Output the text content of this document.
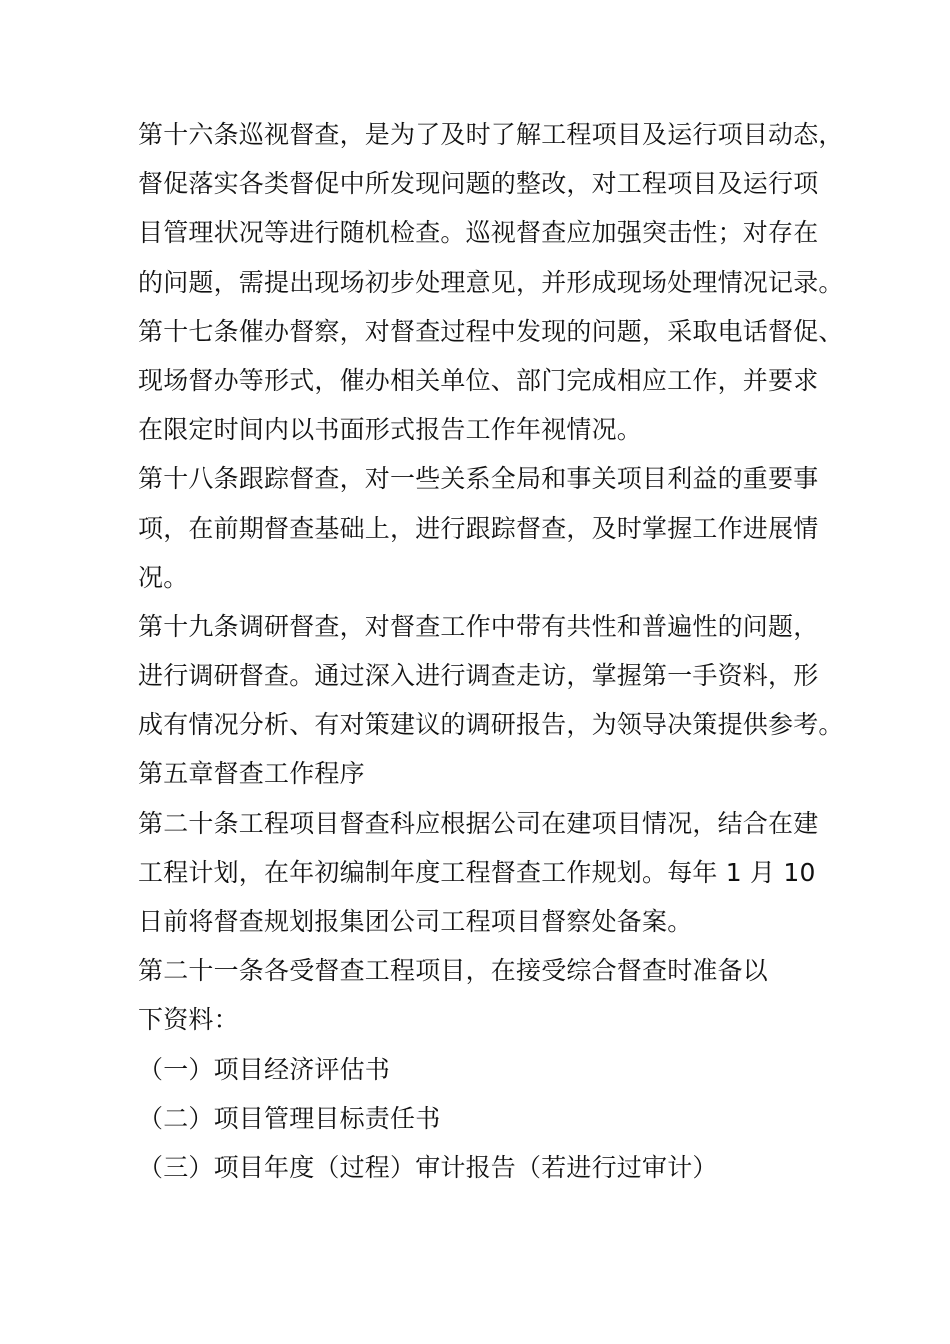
第十六条巡视督查，是为了及时了解工程项目及运行项目动态，
督促落实各类督促中所发现问题的整改，对工程项目及运行项
目管理状况等进行随机检查。巡视督查应加强突击性；对存在
的问题，需提出现场初步处理意见，并形成现场处理情况记录。
第十七条催办督察，对督查过程中发现的问题，采取电话督促、
现场督办等形式，催办相关单位、部门完成相应工作，并要求
在限定时间内以书面形式报告工作年视情况。
第十八条跟踪督查，对一些关系全局和事关项目利益的重要事
项，在前期督查基础上，进行跟踪督查，及时掌握工作进展情
况。
第十九条调研督查，对督查工作中带有共性和普遍性的问题，
进行调研督查。通过深入进行调查走访，掌握第一手资料，形
成有情况分析、有对策建议的调研报告，为领导决策提供参考。
第五章督查工作程序
第二十条工程项目督查科应根据公司在建项目情况，结合在建
工程计划，在年初编制年度工程督查工作规划。每年 1 月 10
日前将督查规划报集团公司工程项目督察处备案。
第二十一条各受督查工程项目，在接受综合督查时准备以
下资料：
（一）项目经济评估书
（二）项目管理目标责任书
（三）项目年度（过程）审计报告（若进行过审计）
